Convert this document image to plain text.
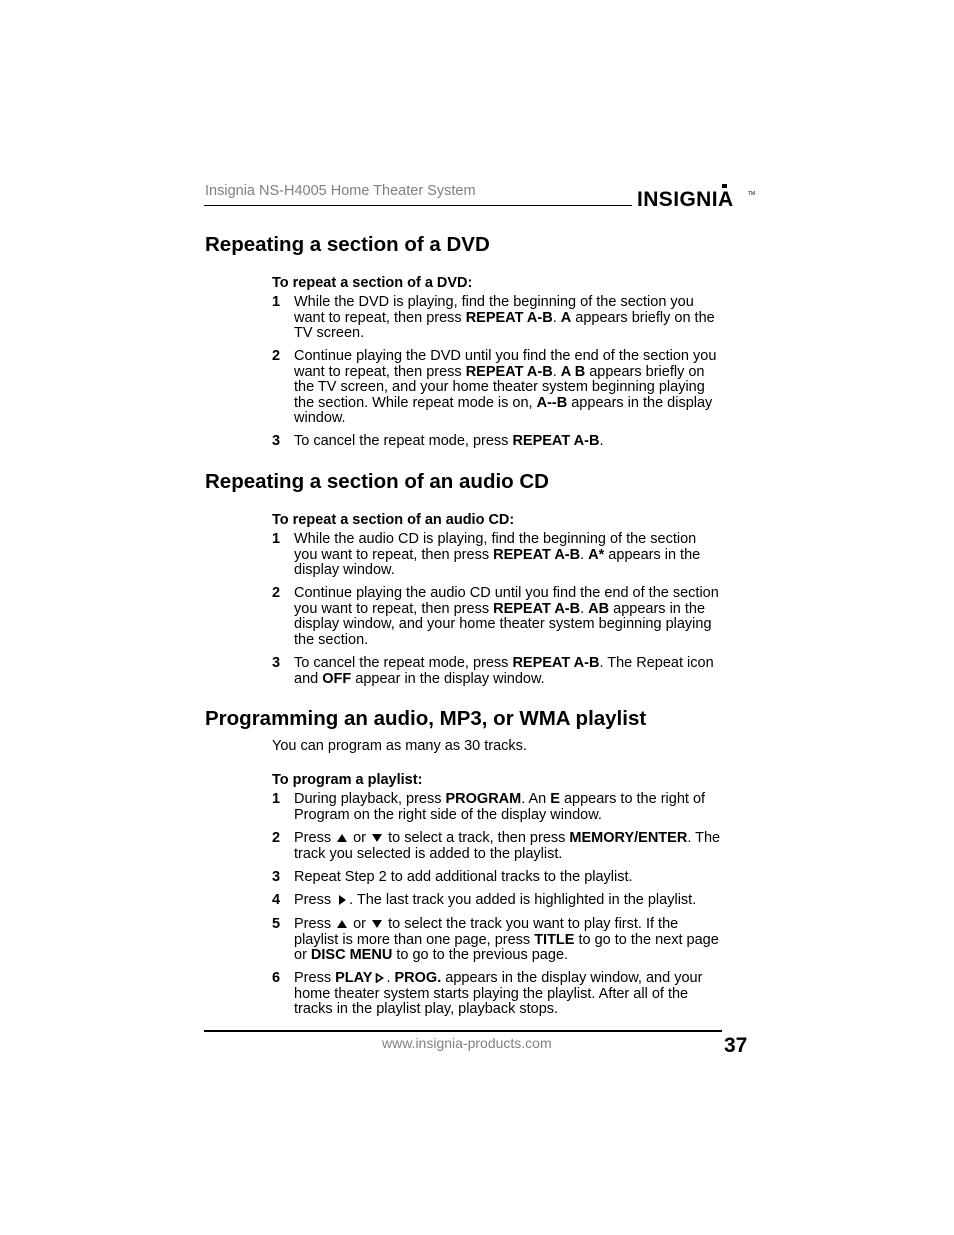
Insignia NS-H4005 Home Theater System	INSIGNIA	TM
Repeating a section of a DVD
To repeat a section of a DVD:
1 While the DVD is playing, find the beginning of the section you
want to repeat, then press REPEAT A-B. A appears briefly on the
TV screen.
2 Continue playing the DVD until you find the end of the section you
want to repeat, then press REPEAT A-B. A B appears briefly on
the TV screen, and your home theater system beginning playing
the section. While repeat mode is on, A--B appears in the display
window.
3 To cancel the repeat mode, press REPEAT A-B.
Repeating a section of an audio CD
To repeat a section of an audio CD:
1 While the audio CD is playing, find the beginning of the section
you want to repeat, then press REPEAT A-B. A* appears in the
display window.
2 Continue playing the audio CD until you find the end of the section
you want to repeat, then press REPEAT A-B. AB appears in the
display window, and your home theater system beginning playing
the section.
3 To cancel the repeat mode, press REPEAT A-B. The Repeat icon
and OFF appear in the display window.
Programming an audio, MP3, or WMA playlist
You can program as many as 30 tracks.
To program a playlist:
1 During playback, press PROGRAM. An E appears to the right of
Program on the right side of the display window.
2 Press  or  to select a track, then press MEMORY/ENTER. The
track you selected is added to the playlist.
3 Repeat Step 2 to add additional tracks to the playlist.
4 Press . The last track you added is highlighted in the playlist.
5 Press  or  to select the track you want to play first. If the
playlist is more than one page, press TITLE to go to the next page
or DISC MENU to go to the previous page.
6 Press PLAY . PROG. appears in the display window, and your
home theater system starts playing the playlist. After all of the
tracks in the playlist play, playback stops.
www.insignia-products.com	37
